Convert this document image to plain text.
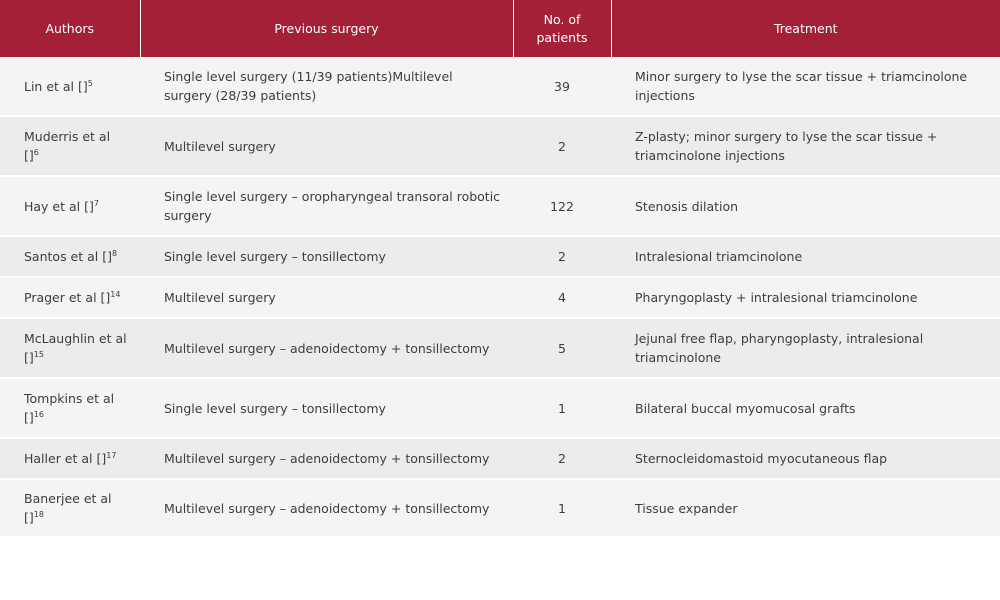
Authors	Previous surgery	No. of patients	Treatment
Lin et al []$^5$	Single level surgery (11/39 patients)Multilevel surgery (28/39 patients)	39	Minor surgery to lyse the scar tissue + triamcinolone injections
Muderris et al []$^6$	Multilevel surgery	2	Z-plasty; minor surgery to lyse the scar tissue + triamcinolone injections
Hay et al []$^7$	Single level surgery – oropharyngeal transoral robotic surgery	122	Stenosis dilation
Santos et al []$^8$	Single level surgery – tonsillectomy	2	Intralesional triamcinolone
Prager et al []$^{14}$	Multilevel surgery	4	Pharyngoplasty + intralesional triamcinolone
McLaughlin et al []$^{15}$	Multilevel surgery – adenoidectomy + tonsillectomy	5	Jejunal free flap, pharyngoplasty, intralesional triamcinolone
Tompkins et al []$^{16}$	Single level surgery – tonsillectomy	1	Bilateral buccal myomucosal grafts
Haller et al []$^{17}$	Multilevel surgery – adenoidectomy + tonsillectomy	2	Sternocleidomastoid myocutaneous flap
Banerjee et al []$^{18}$	Multilevel surgery – adenoidectomy + tonsillectomy	1	Tissue expander
